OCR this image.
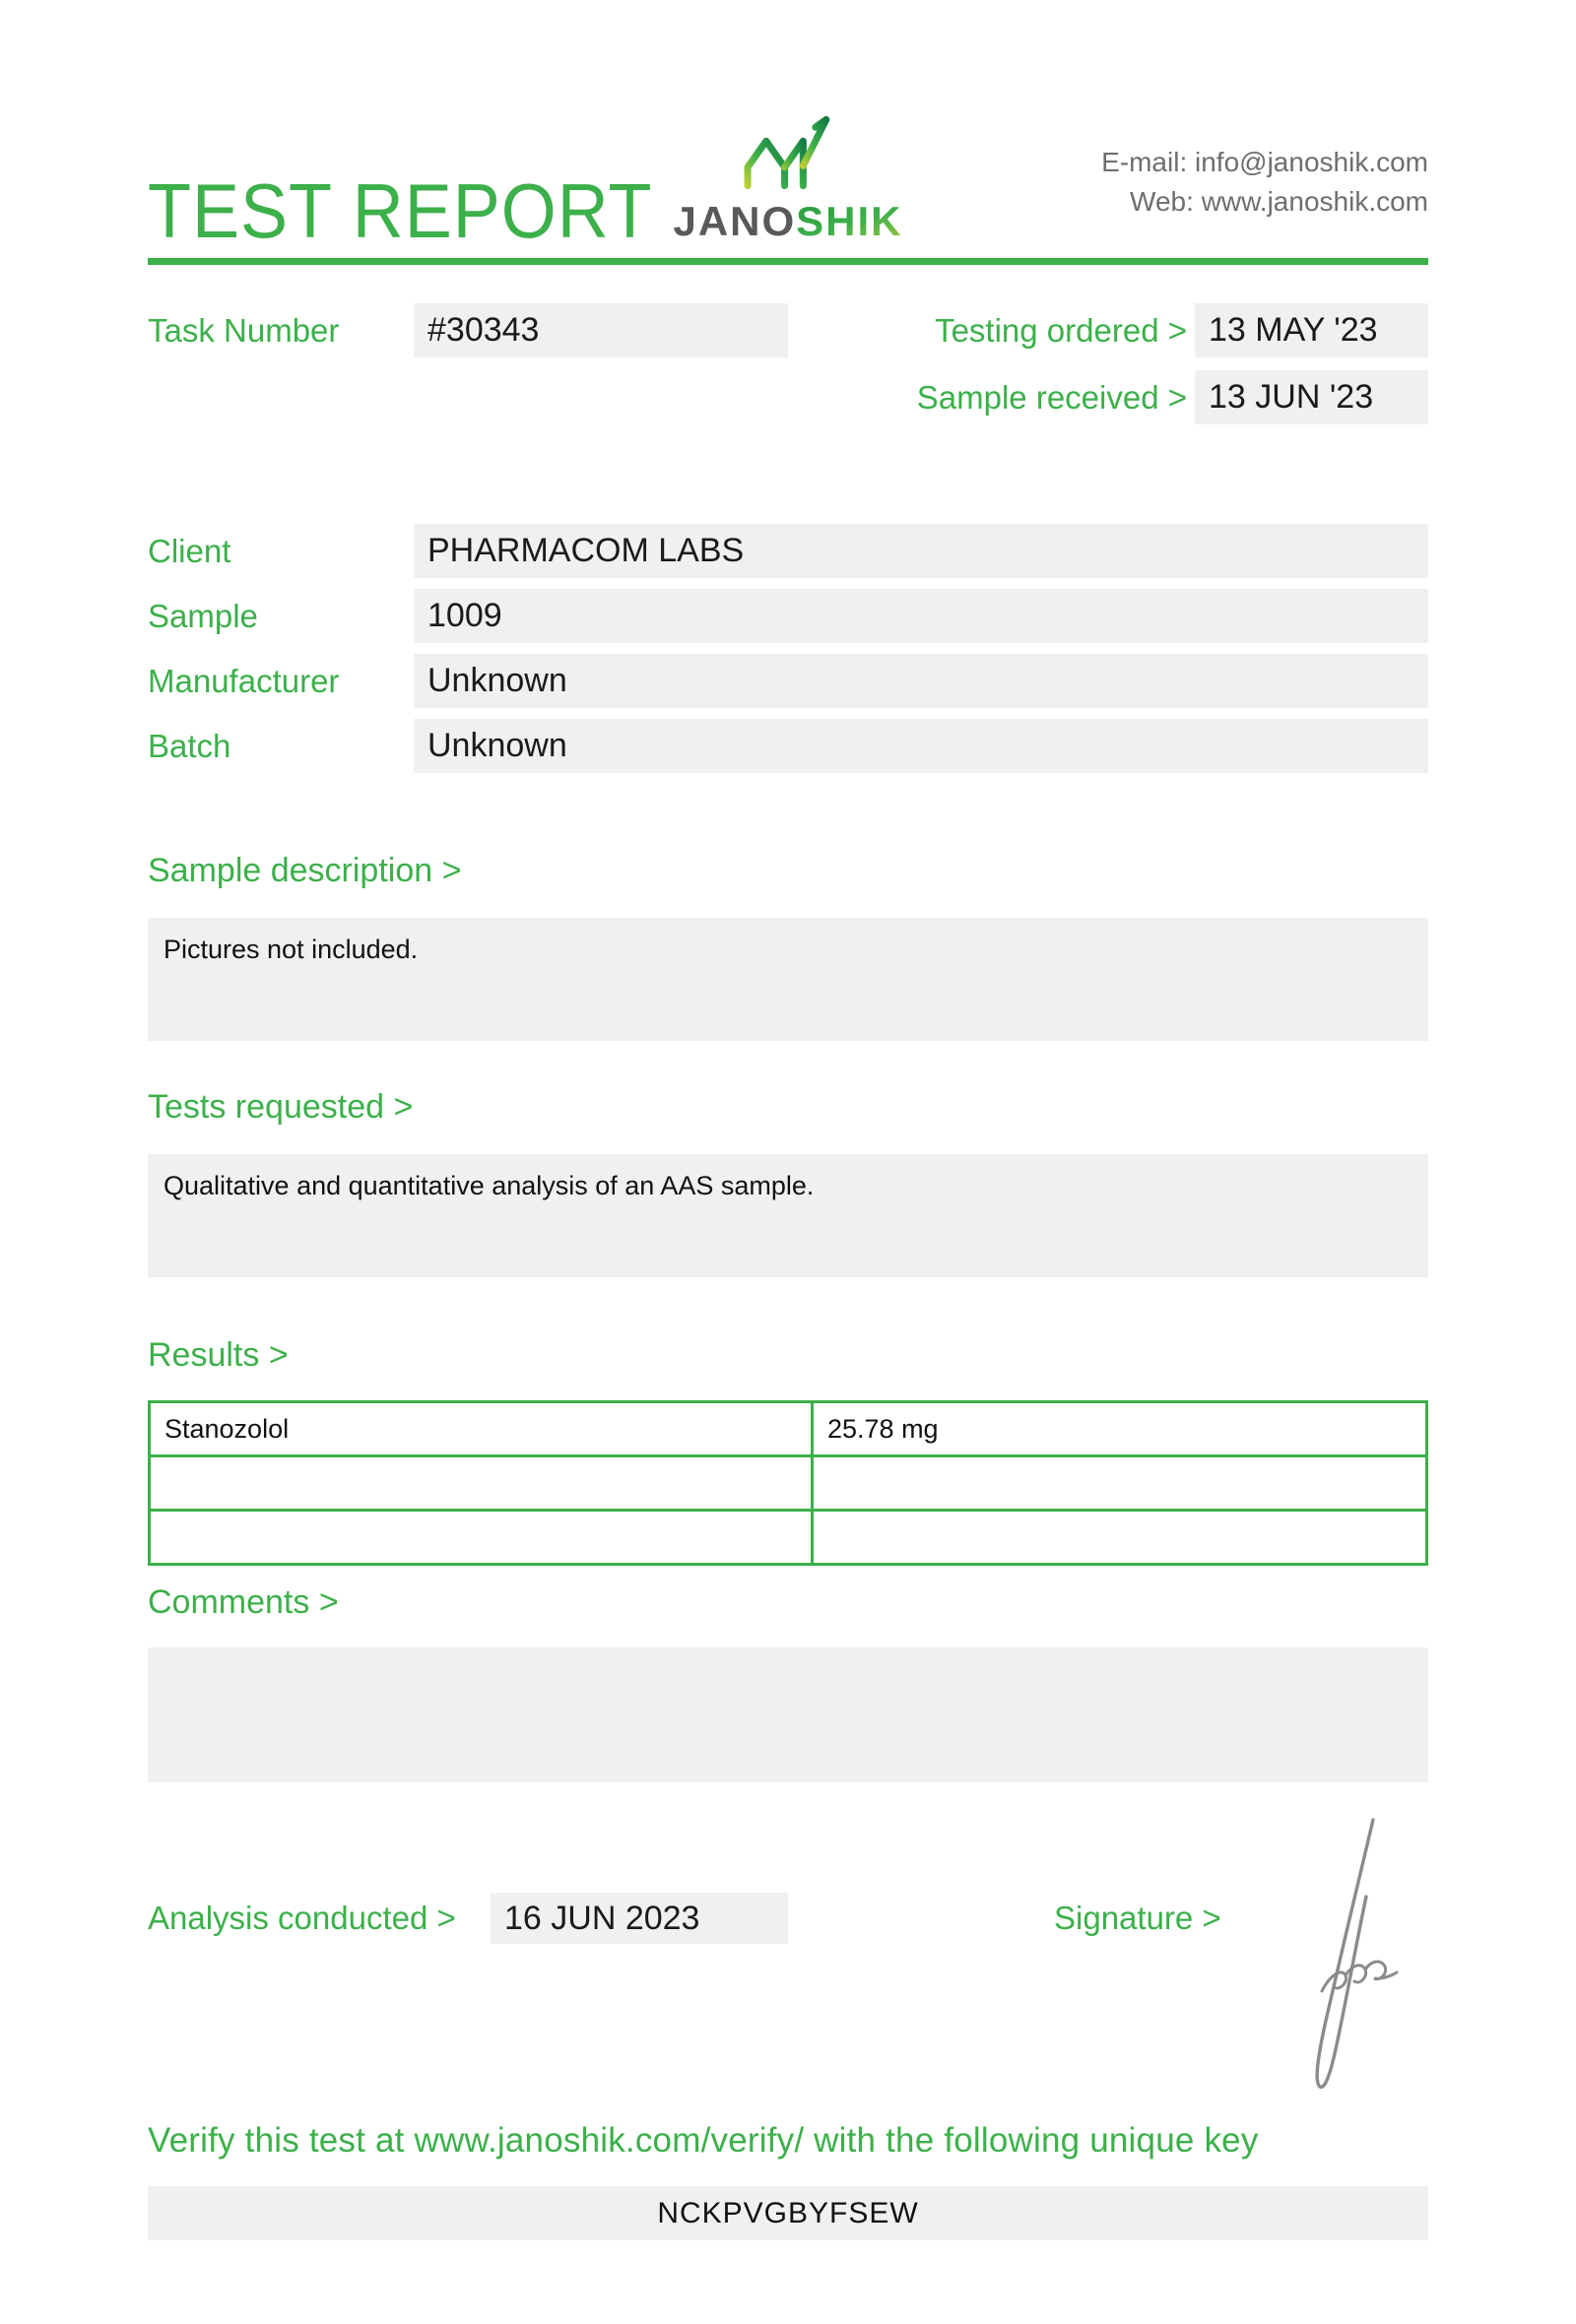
TEST REPORT JANOSHIK
E-mail: info@janoshik.com
Web: www.janoshik.com
Task Number	#30343	Testing ordered > 13 MAY '23
Sample received > 13 JUN '23
Client	PHARMACOM LABS
Sample	1009
Manufacturer	Unknown
Batch	Unknown
Sample description >
Pictures not included.
Tests requested >
Qualitative and quantitative analysis of an AAS sample.
Results >
Stanozolol	25.78 mg

Comments >
Analysis conducted >	16 JUN 2023	Signature >
Verify this test at www.janoshik.com/verify/ with the following unique key
NCKPVGBYFSEW
